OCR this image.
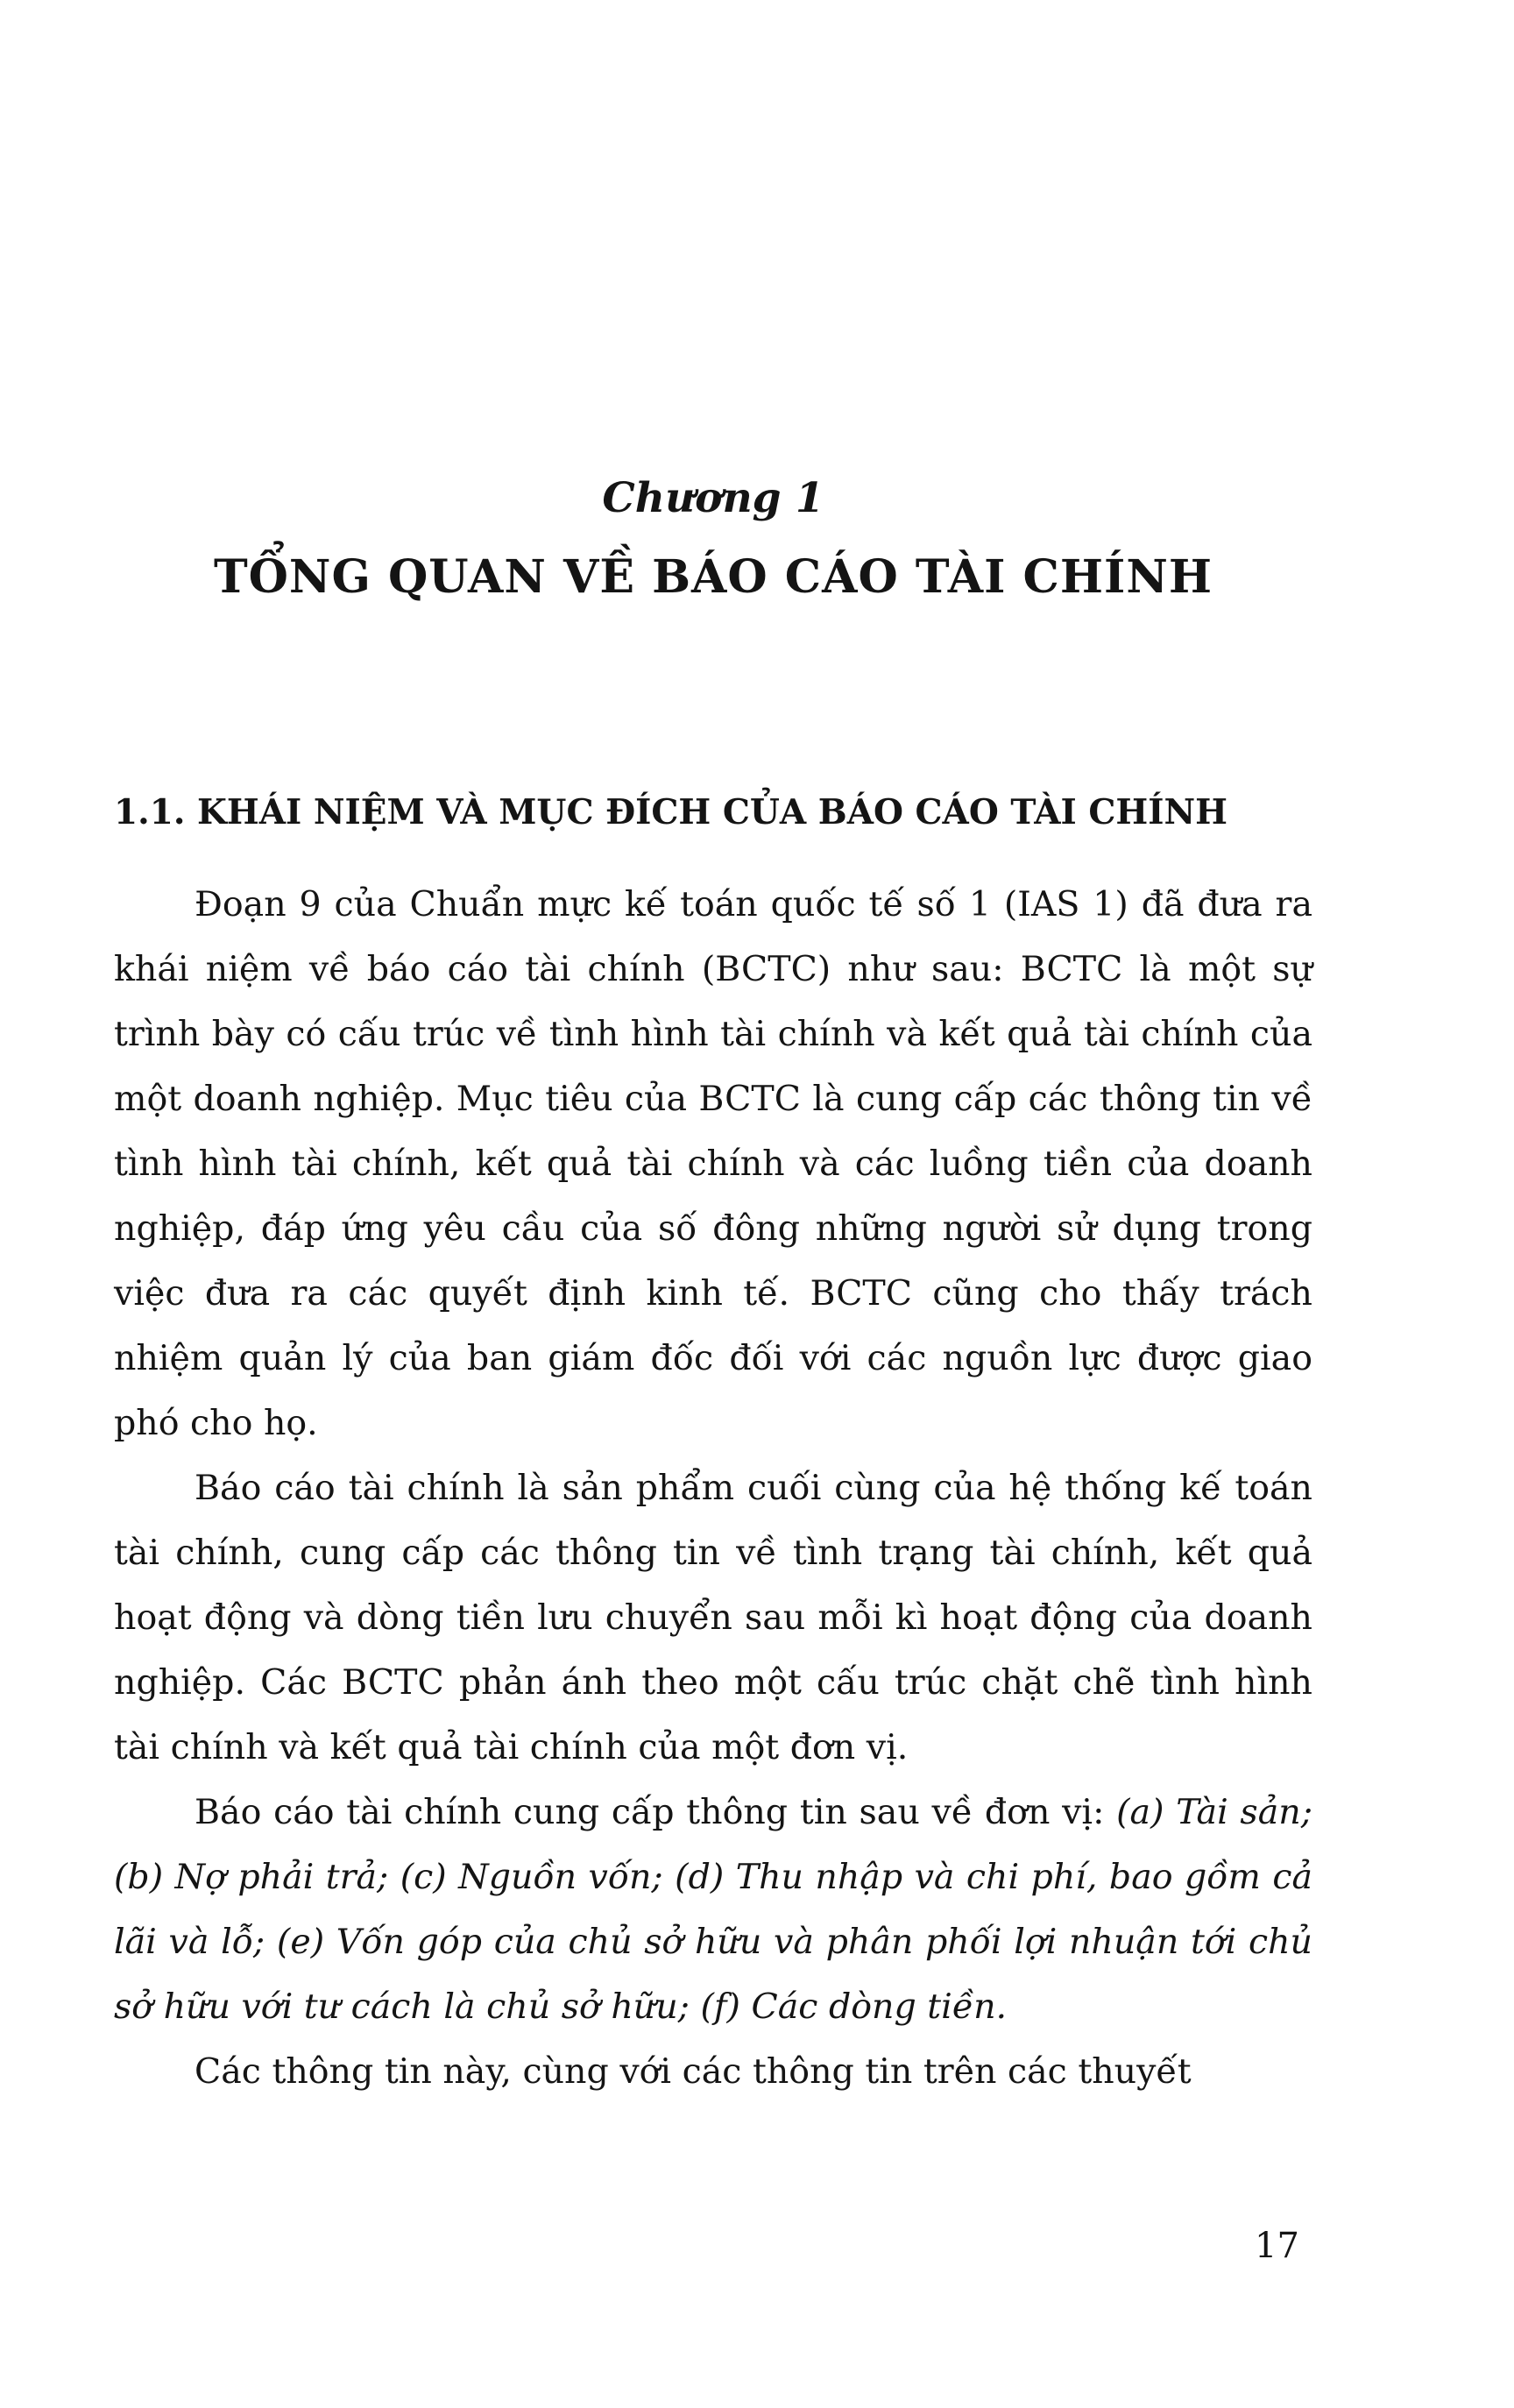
Chương 1
TỔNG QUAN VỀ BÁO CÁO TÀI CHÍNH
1.1. KHÁI NIỆM VÀ MỤC ĐÍCH CỦA BÁO CÁO TÀI CHÍNH

Đoạn 9 của Chuẩn mực kế toán quốc tế số 1 (IAS 1) đã đưa ra khái niệm về báo cáo tài chính (BCTC) như sau: BCTC là một sự trình bày có cấu trúc về tình hình tài chính và kết quả tài chính của một doanh nghiệp. Mục tiêu của BCTC là cung cấp các thông tin về tình hình tài chính, kết quả tài chính và các luồng tiền của doanh nghiệp, đáp ứng yêu cầu của số đông những người sử dụng trong việc đưa ra các quyết định kinh tế. BCTC cũng cho thấy trách nhiệm quản lý của ban giám đốc đối với các nguồn lực được giao phó cho họ.

Báo cáo tài chính là sản phẩm cuối cùng của hệ thống kế toán tài chính, cung cấp các thông tin về tình trạng tài chính, kết quả hoạt động và dòng tiền lưu chuyển sau mỗi kì hoạt động của doanh nghiệp. Các BCTC phản ánh theo một cấu trúc chặt chẽ tình hình tài chính và kết quả tài chính của một đơn vị.

Báo cáo tài chính cung cấp thông tin sau về đơn vị: (a) Tài sản; (b) Nợ phải trả; (c) Nguồn vốn; (d) Thu nhập và chi phí, bao gồm cả lãi và lỗ; (e) Vốn góp của chủ sở hữu và phân phối lợi nhuận tới chủ sở hữu với tư cách là chủ sở hữu; (f) Các dòng tiền.

Các thông tin này, cùng với các thông tin trên các thuyết

17
